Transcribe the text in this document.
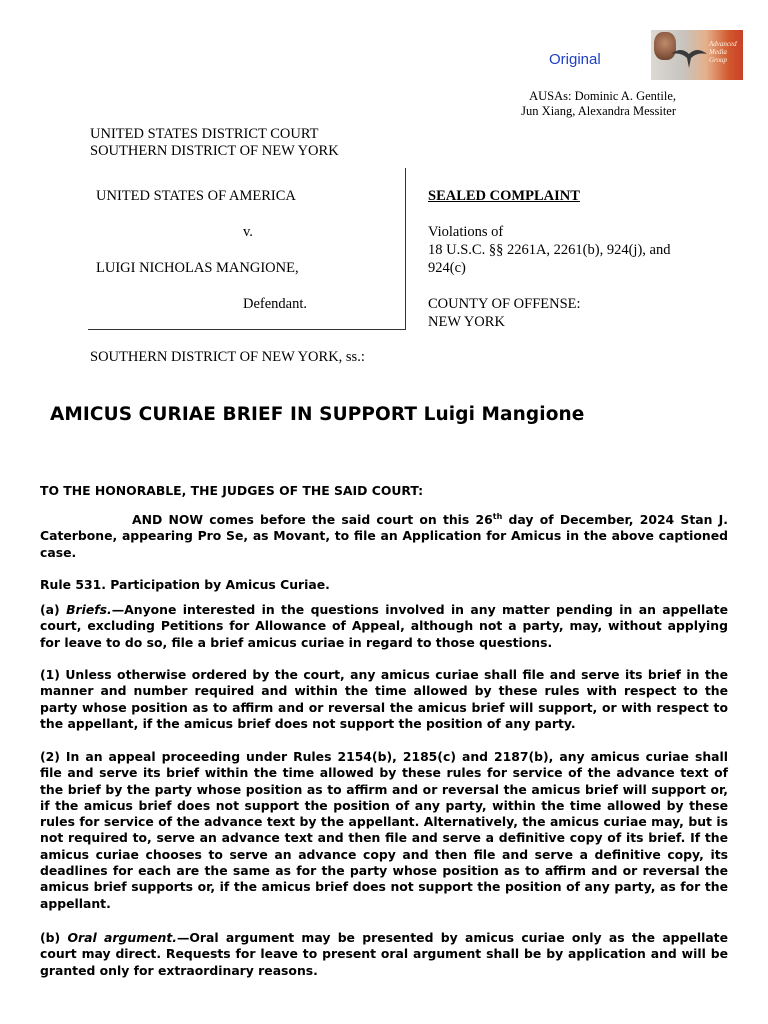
Original
Advanced Media Group
AUSAs: Dominic A. Gentile,
Jun Xiang, Alexandra Messiter
UNITED STATES DISTRICT COURT
SOUTHERN DISTRICT OF NEW YORK
UNITED STATES OF AMERICA
v.
LUIGI NICHOLAS MANGIONE,
Defendant.
SEALED COMPLAINT
Violations of
18 U.S.C. §§ 2261A, 2261(b), 924(j), and
924(c)
COUNTY OF OFFENSE:
NEW YORK
SOUTHERN DISTRICT OF NEW YORK, ss.:
AMICUS CURIAE BRIEF IN SUPPORT Luigi Mangione
TO THE HONORABLE, THE JUDGES OF THE SAID COURT:
AND NOW comes before the said court on this 26th day of December, 2024 Stan J. Caterbone, appearing Pro Se, as Movant, to file an Application for Amicus in the above captioned case.
Rule 531. Participation by Amicus Curiae.
(a) Briefs.—Anyone interested in the questions involved in any matter pending in an appellate court, excluding Petitions for Allowance of Appeal, although not a party, may, without applying for leave to do so, file a brief amicus curiae in regard to those questions.
(1) Unless otherwise ordered by the court, any amicus curiae shall file and serve its brief in the manner and number required and within the time allowed by these rules with respect to the party whose position as to affirm and or reversal the amicus brief will support, or with respect to the appellant, if the amicus brief does not support the position of any party.
(2) In an appeal proceeding under Rules 2154(b), 2185(c) and 2187(b), any amicus curiae shall file and serve its brief within the time allowed by these rules for service of the advance text of the brief by the party whose position as to affirm and or reversal the amicus brief will support or, if the amicus brief does not support the position of any party, within the time allowed by these rules for service of the advance text by the appellant. Alternatively, the amicus curiae may, but is not required to, serve an advance text and then file and serve a definitive copy of its brief. If the amicus curiae chooses to serve an advance copy and then file and serve a definitive copy, its deadlines for each are the same as for the party whose position as to affirm and or reversal the amicus brief supports or, if the amicus brief does not support the position of any party, as for the appellant.
(b) Oral argument.—Oral argument may be presented by amicus curiae only as the appellate court may direct. Requests for leave to present oral argument shall be by application and will be granted only for extraordinary reasons.
